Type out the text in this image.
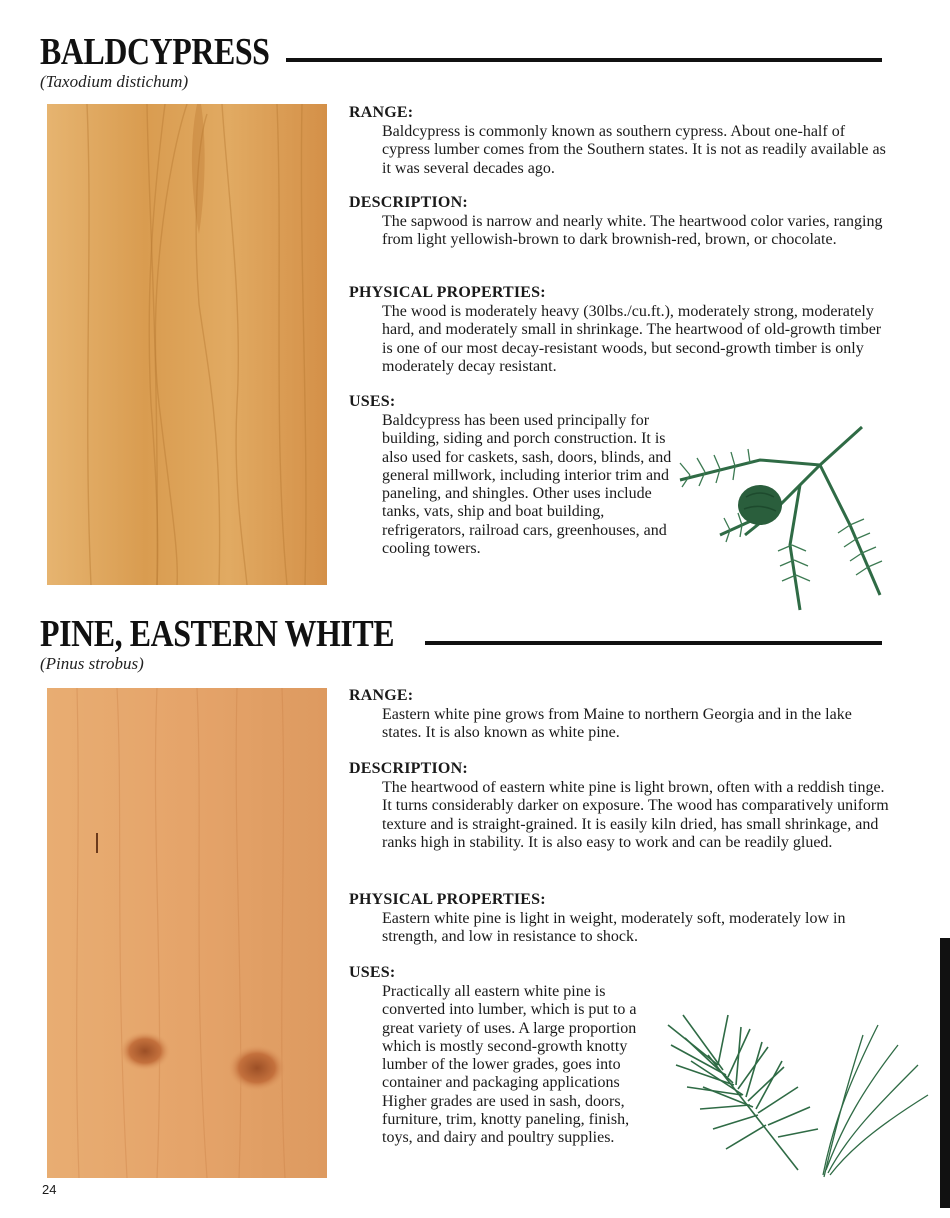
BALDCYPRESS
(Taxodium distichum)
RANGE:
Baldcypress is commonly known as southern cypress. About one-half of cypress lumber comes from the Southern states. It is not as readily available as it was several decades ago.
DESCRIPTION:
The sapwood is narrow and nearly white. The heartwood color varies, ranging from light yellowish-brown to dark brownish-red, brown, or chocolate.
PHYSICAL PROPERTIES:
The wood is moderately heavy (30lbs./cu.ft.), moderately strong, moderately hard, and moderately small in shrinkage. The heartwood of old-growth timber is one of our most decay-resistant woods, but second-growth timber is only moderately decay resistant.
USES:
Baldcypress has been used principally for building, siding and porch construction. It is also used for caskets, sash, doors, blinds, and general millwork, including interior trim and paneling, and shingles. Other uses include tanks, vats, ship and boat building, refrigerators, railroad cars, greenhouses, and cooling towers.
PINE, EASTERN WHITE
(Pinus strobus)
RANGE:
Eastern white pine grows from Maine to northern Georgia and in the lake states. It is also known as white pine.
DESCRIPTION:
The heartwood of eastern white pine is light brown, often with a reddish tinge. It turns considerably darker on exposure. The wood has comparatively uniform texture and is straight-grained. It is easily kiln dried, has small shrinkage, and ranks high in stability. It is also easy to work and can be readily glued.
PHYSICAL PROPERTIES:
Eastern white pine is light in weight, moderately soft, moderately low in strength, and low in resistance to shock.
USES:
Practically all eastern white pine is converted into lumber, which is put to a great variety of uses. A large proportion which is mostly second-growth knotty lumber of the lower grades, goes into container and packaging applications Higher grades are used in sash, doors, furniture, trim, knotty paneling, finish, toys, and dairy and poultry supplies.
24
